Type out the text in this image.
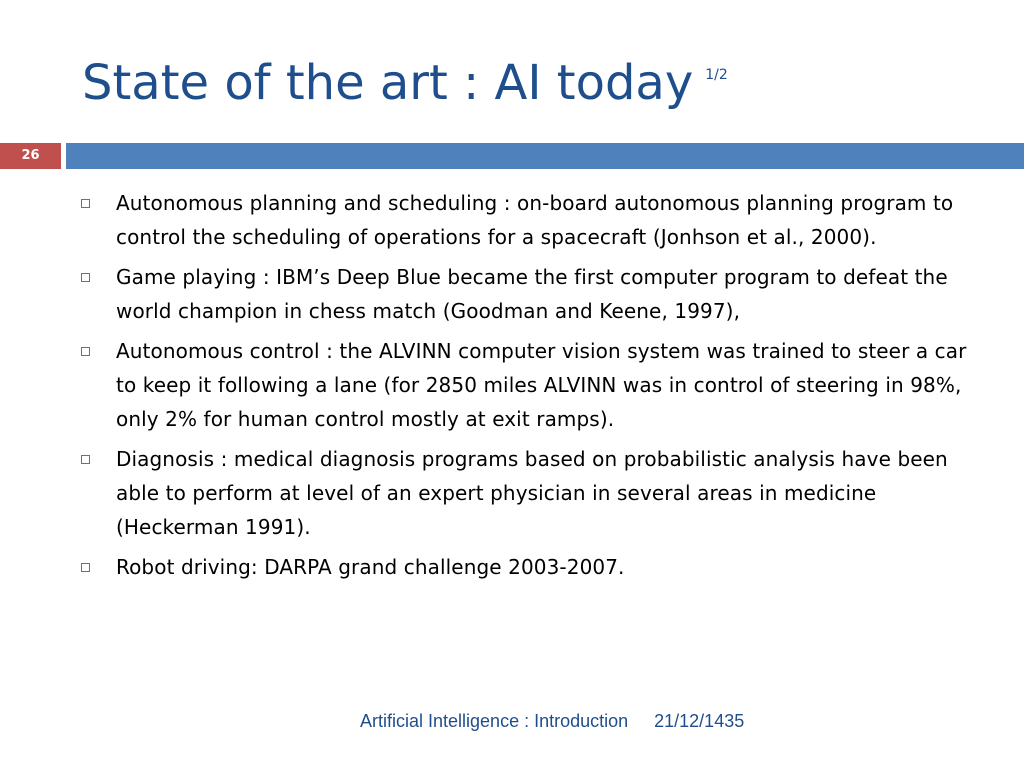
State of the art : AI today $^{1/2}$
26
Autonomous planning and scheduling : on-board autonomous planning program to control the scheduling of operations for a spacecraft (Jonhson et al., 2000).
Game playing : IBM’s Deep Blue became the first computer program to defeat the world champion in chess match (Goodman and Keene, 1997),
Autonomous control : the ALVINN computer vision system was trained to steer a car to keep it following a lane (for 2850 miles ALVINN was in control of steering in 98%, only 2% for human control mostly at exit ramps).
Diagnosis : medical diagnosis programs based on probabilistic analysis have been able to perform at level of an expert physician in several areas in medicine (Heckerman 1991).
Robot driving: DARPA grand challenge 2003-2007.
Artificial Intelligence : Introduction 21/12/1435
